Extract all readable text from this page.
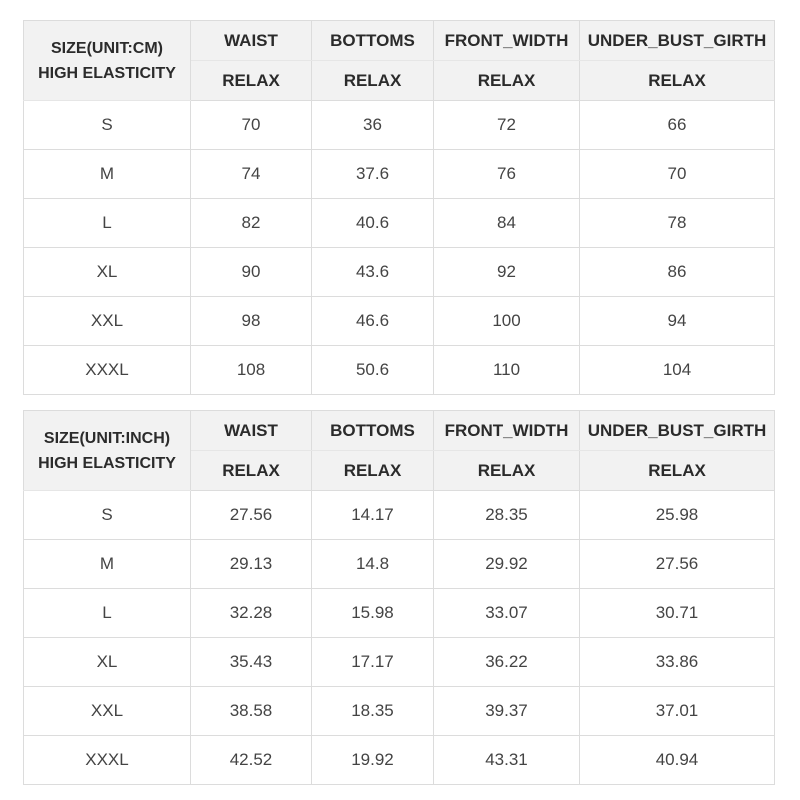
SIZE(UNIT:CM)
HIGH ELASTICITY	WAIST	BOTTOMS	FRONT_WIDTH	UNDER_BUST_GIRTH
	RELAX	RELAX	RELAX	RELAX
S	70	36	72	66
M	74	37.6	76	70
L	82	40.6	84	78
XL	90	43.6	92	86
XXL	98	46.6	100	94
XXXL	108	50.6	110	104
SIZE(UNIT:INCH)
HIGH ELASTICITY	WAIST	BOTTOMS	FRONT_WIDTH	UNDER_BUST_GIRTH
	RELAX	RELAX	RELAX	RELAX
S	27.56	14.17	28.35	25.98
M	29.13	14.8	29.92	27.56
L	32.28	15.98	33.07	30.71
XL	35.43	17.17	36.22	33.86
XXL	38.58	18.35	39.37	37.01
XXXL	42.52	19.92	43.31	40.94
